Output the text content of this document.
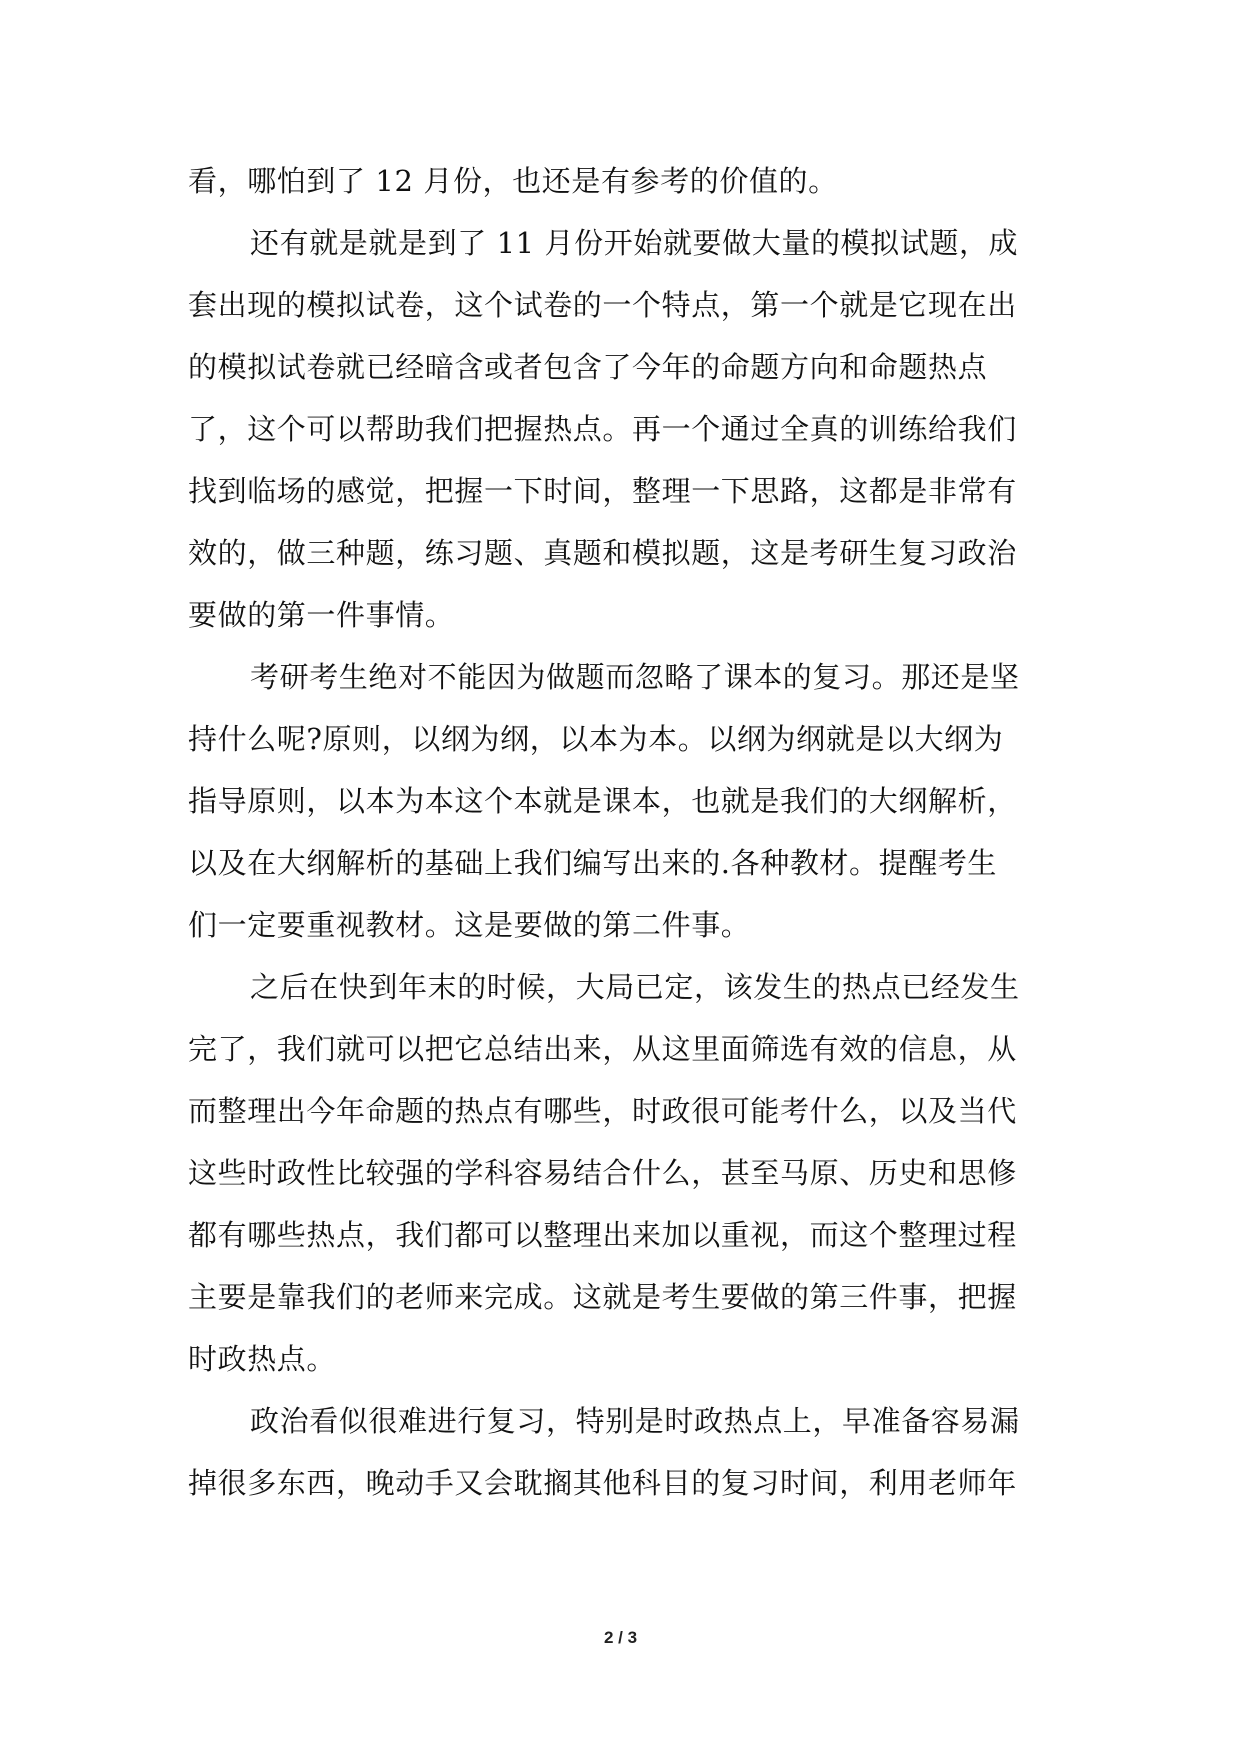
看，哪怕到了 12 月份，也还是有参考的价值的。
还有就是就是到了 11 月份开始就要做大量的模拟试题，成
套出现的模拟试卷，这个试卷的一个特点，第一个就是它现在出
的模拟试卷就已经暗含或者包含了今年的命题方向和命题热点
了，这个可以帮助我们把握热点。再一个通过全真的训练给我们
找到临场的感觉，把握一下时间，整理一下思路，这都是非常有
效的，做三种题，练习题、真题和模拟题，这是考研生复习政治
要做的第一件事情。
考研考生绝对不能因为做题而忽略了课本的复习。那还是坚
持什么呢?原则，以纲为纲，以本为本。以纲为纲就是以大纲为
指导原则，以本为本这个本就是课本，也就是我们的大纲解析，
以及在大纲解析的基础上我们编写出来的.各种教材。提醒考生
们一定要重视教材。这是要做的第二件事。
之后在快到年末的时候，大局已定，该发生的热点已经发生
完了，我们就可以把它总结出来，从这里面筛选有效的信息，从
而整理出今年命题的热点有哪些，时政很可能考什么，以及当代
这些时政性比较强的学科容易结合什么，甚至马原、历史和思修
都有哪些热点，我们都可以整理出来加以重视，而这个整理过程
主要是靠我们的老师来完成。这就是考生要做的第三件事，把握
时政热点。
政治看似很难进行复习，特别是时政热点上，早准备容易漏
掉很多东西，晚动手又会耽搁其他科目的复习时间，利用老师年
2 / 3
